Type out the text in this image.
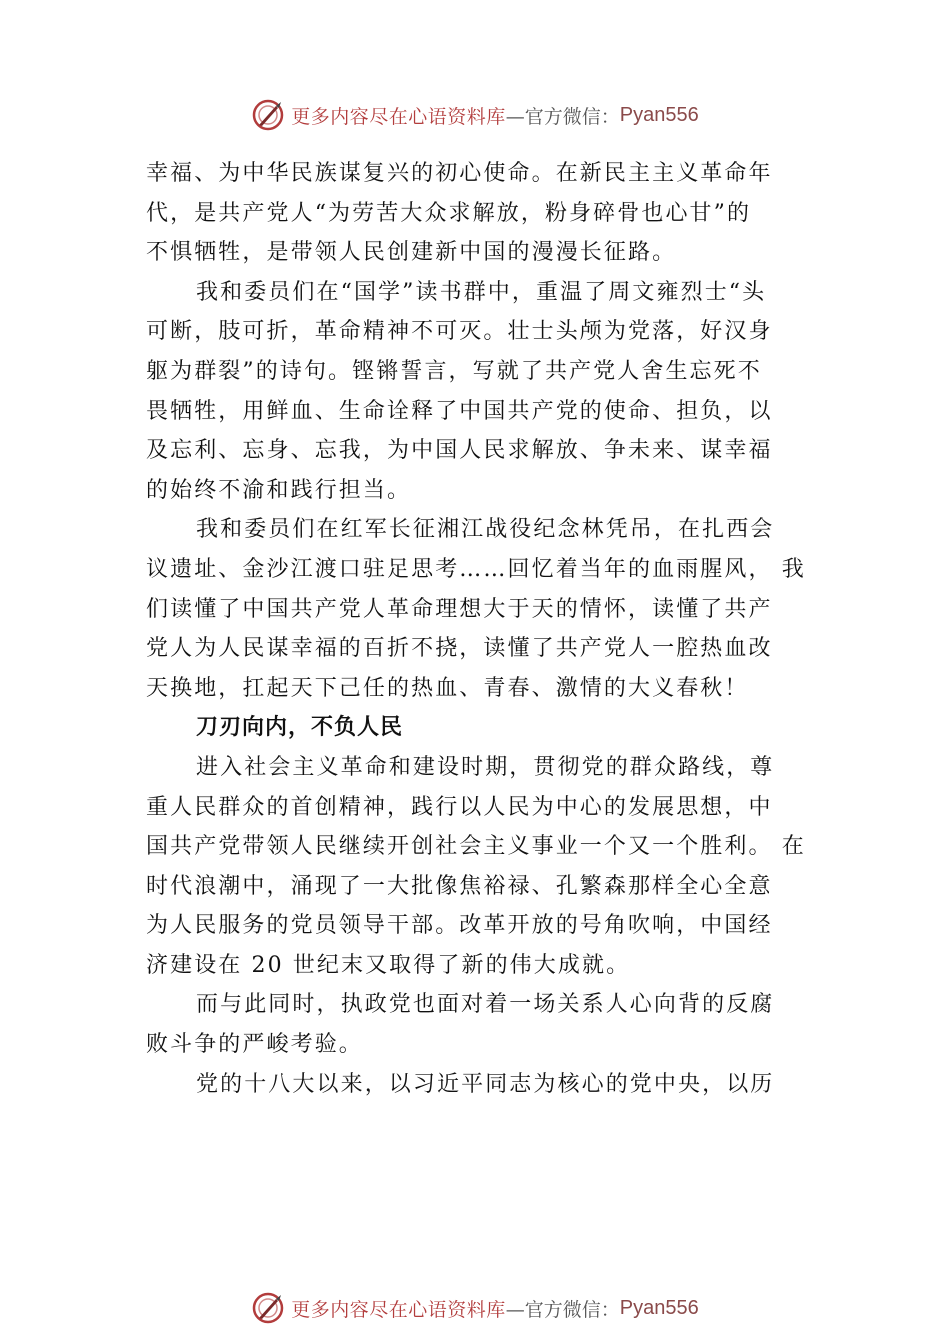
更多内容尽在心语资料库 —官方微信： Pyan556
幸福、为中华民族谋复兴的初心使命。在新民主主义革命年
代，是共产党人“为劳苦大众求解放，粉身碎骨也心甘”的
不惧牺牲，是带领人民创建新中国的漫漫长征路。
我和委员们在“国学”读书群中，重温了周文雍烈士“头
可断，肢可折，革命精神不可灭。壮士头颅为党落，好汉身
躯为群裂”的诗句。铿锵誓言，写就了共产党人舍生忘死不
畏牺牲，用鲜血、生命诠释了中国共产党的使命、担负，以
及忘利、忘身、忘我，为中国人民求解放、争未来、谋幸福
的始终不渝和践行担当。
我和委员们在红军长征湘江战役纪念林凭吊，在扎西会
议遗址、金沙江渡口驻足思考……回忆着当年的血雨腥风， 我
们读懂了中国共产党人革命理想大于天的情怀，读懂了共产
党人为人民谋幸福的百折不挠，读懂了共产党人一腔热血改
天换地，扛起天下己任的热血、青春、激情的大义春秋！
刀刃向内，不负人民
进入社会主义革命和建设时期，贯彻党的群众路线，尊
重人民群众的首创精神，践行以人民为中心的发展思想，中
国共产党带领人民继续开创社会主义事业一个又一个胜利。 在
时代浪潮中，涌现了一大批像焦裕禄、孔繁森那样全心全意
为人民服务的党员领导干部。改革开放的号角吹响，中国经
济建设在 20 世纪末又取得了新的伟大成就。
而与此同时，执政党也面对着一场关系人心向背的反腐
败斗争的严峻考验。
党的十八大以来，以习近平同志为核心的党中央，以历
更多内容尽在心语资料库 —官方微信： Pyan556
